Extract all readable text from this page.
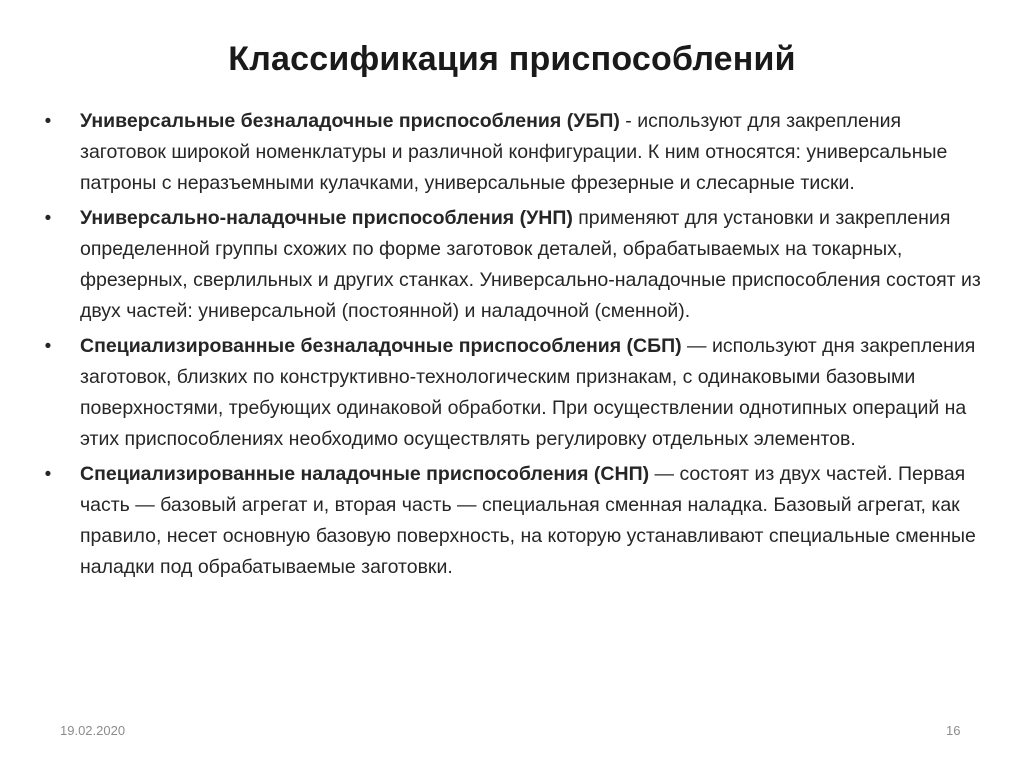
Классификация приспособлений
•	Универсальные безналадочные приспособления (УБП) - используют для закрепления заготовок широкой номенклатуры и различной конфигурации. К ним относятся: универсальные патроны с неразъемными кулачками, универсальные фрезерные и слесарные тиски.
•	Универсально-наладочные приспособления (УНП) применяют для установки и закрепления определенной группы схожих по форме заготовок деталей, обрабатываемых на токарных, фрезерных, сверлильных и других станках. Универсально-наладочные приспособления состоят из двух частей: универсальной (постоянной) и наладочной (сменной).
•	Специализированные безналадочные приспособления (СБП) — используют дня закрепления заготовок, близких по конструктивно-технологическим признакам, с одинаковыми базовыми поверхностями, требующих одинаковой обработки. При осуществлении однотипных операций на этих приспособлениях необходимо осуществлять регулировку отдельных элементов.
•	Специализированные наладочные приспособления (СНП) — состоят из двух частей. Первая часть — базовый агрегат и, вторая часть — специальная сменная наладка. Базовый агрегат, как правило, несет основную базовую поверхность, на которую устанавливают специальные сменные наладки под обрабатываемые заготовки.
19.02.2020	16
